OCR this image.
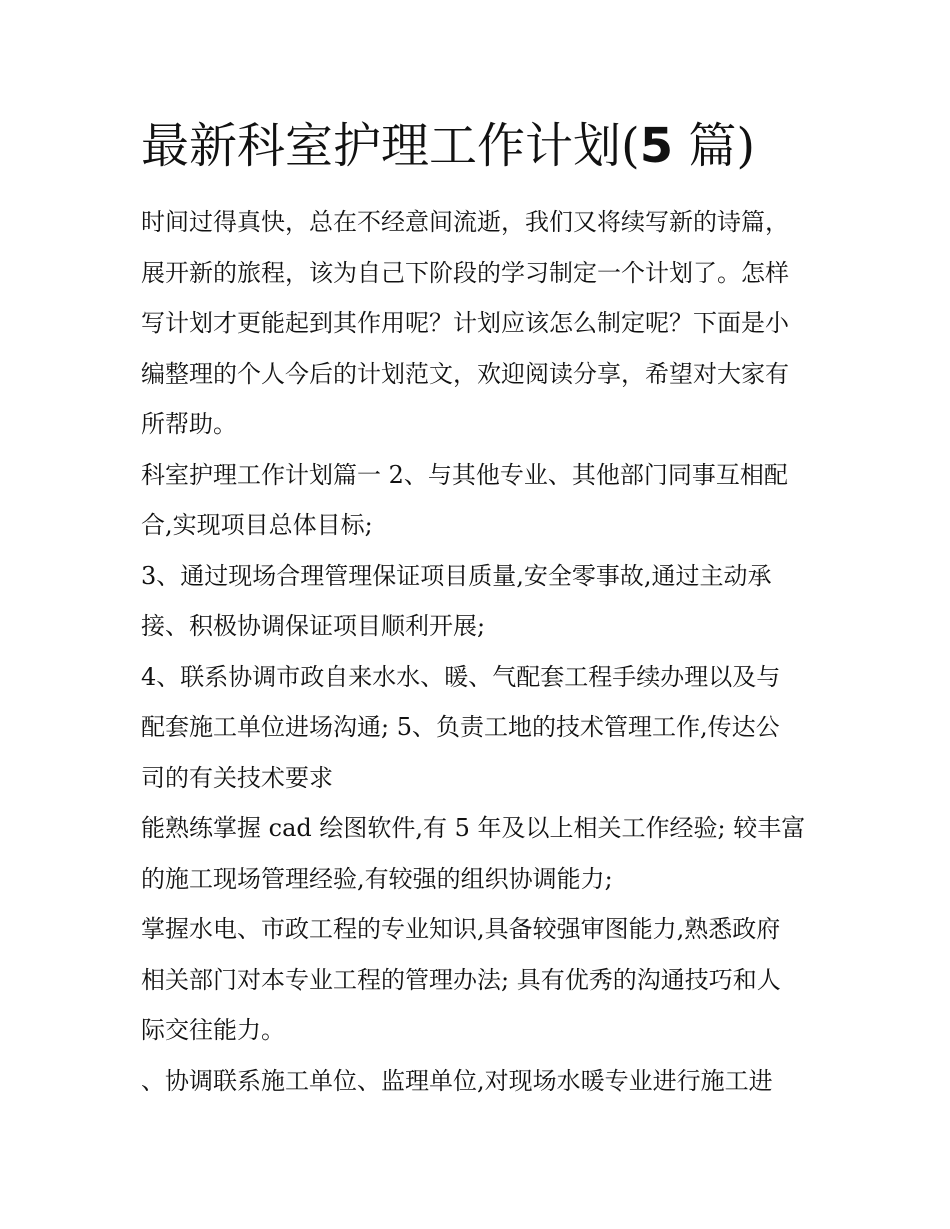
最新科室护理工作计划(5 篇)
时间过得真快，总在不经意间流逝，我们又将续写新的诗篇，
展开新的旅程，该为自己下阶段的学习制定一个计划了。怎样
写计划才更能起到其作用呢？计划应该怎么制定呢？下面是小
编整理的个人今后的计划范文，欢迎阅读分享，希望对大家有
所帮助。
科室护理工作计划篇一 2、与其他专业、其他部门同事互相配
合,实现项目总体目标;
3、通过现场合理管理保证项目质量,安全零事故,通过主动承
接、积极协调保证项目顺利开展;
4、联系协调市政自来水水、暖、气配套工程手续办理以及与
配套施工单位进场沟通; 5、负责工地的技术管理工作,传达公
司的有关技术要求
能熟练掌握 cad 绘图软件,有 5 年及以上相关工作经验; 较丰富
的施工现场管理经验,有较强的组织协调能力;
掌握水电、市政工程的专业知识,具备较强审图能力,熟悉政府
相关部门对本专业工程的管理办法; 具有优秀的沟通技巧和人
际交往能力。
、协调联系施工单位、监理单位,对现场水暖专业进行施工进
